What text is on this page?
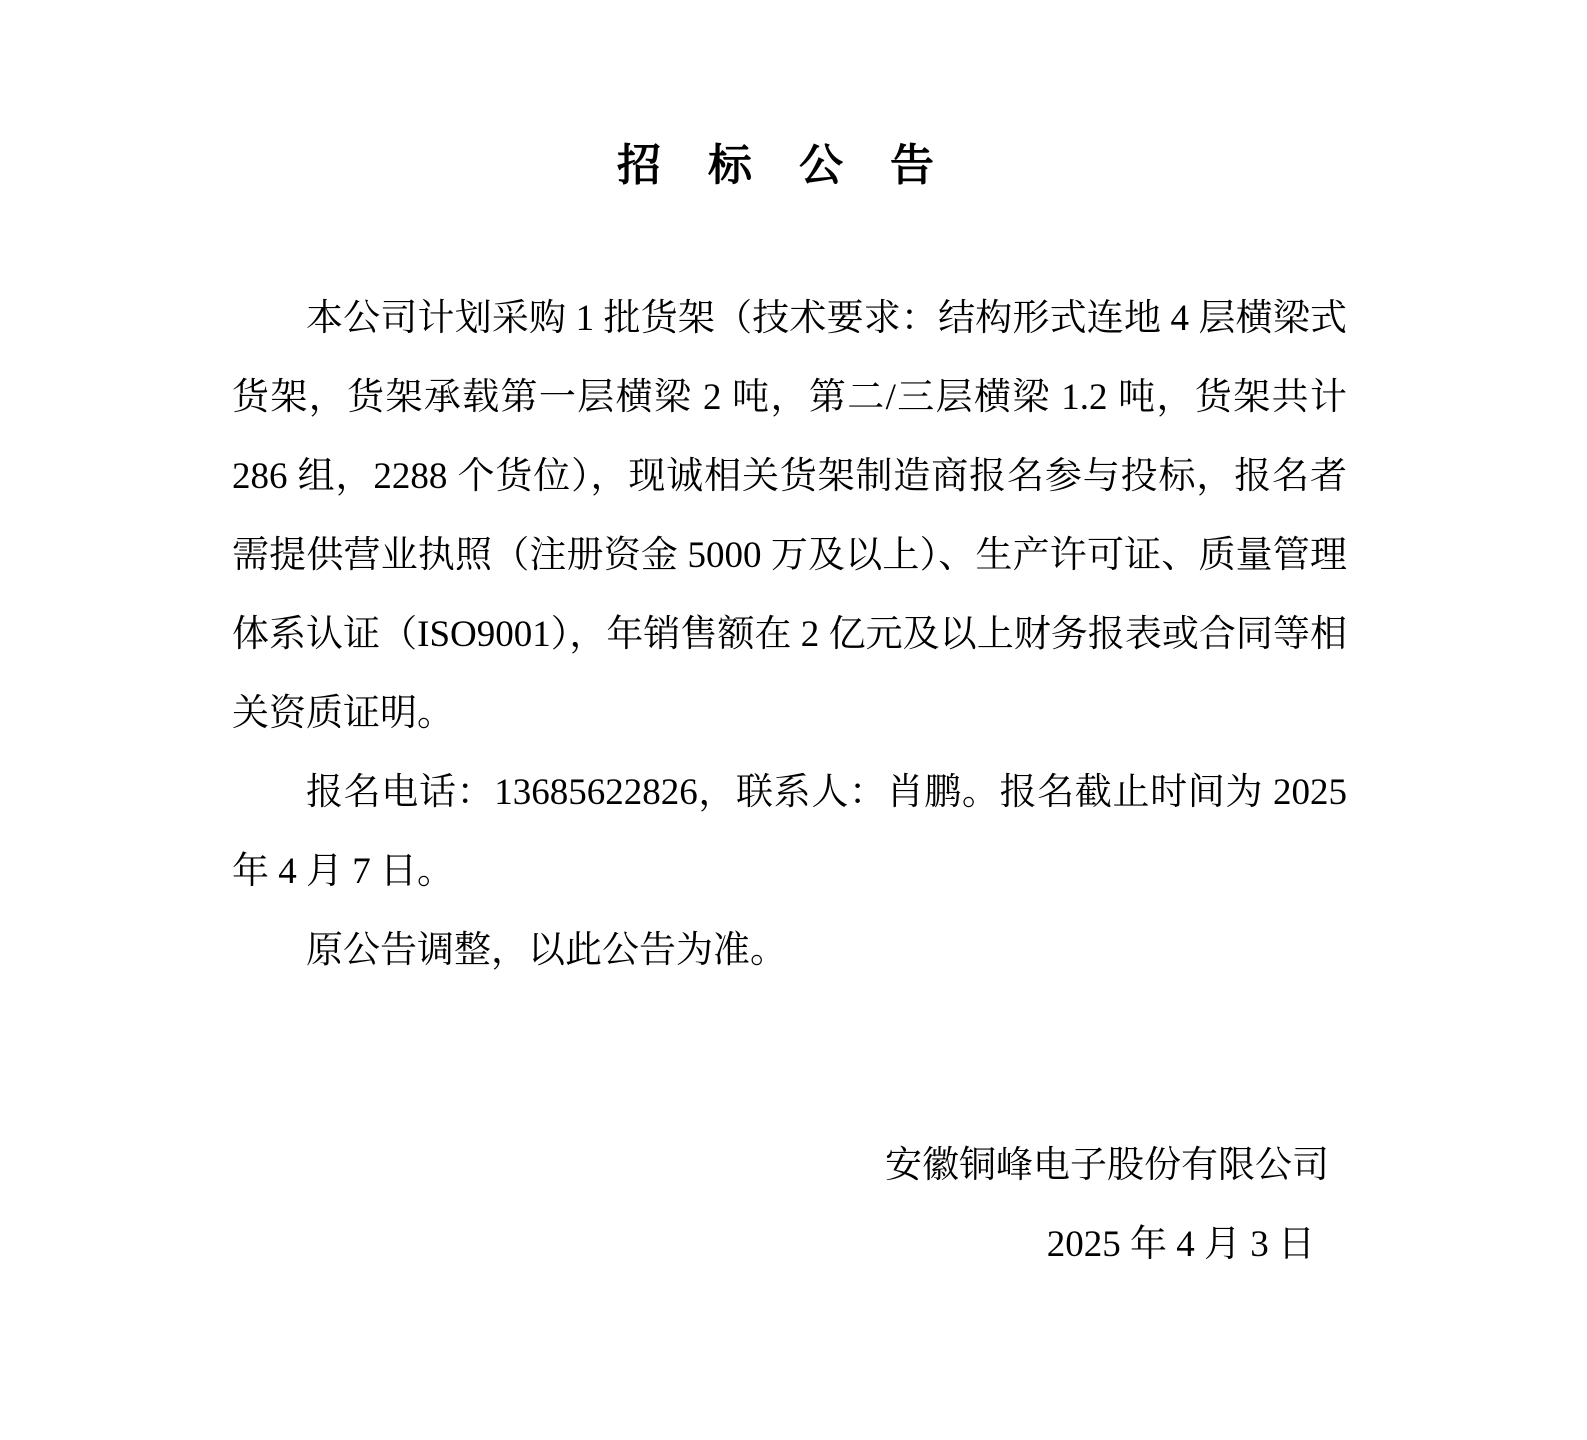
招 标 公 告

本公司计划采购 1 批货架（技术要求：结构形式连地 4 层横梁式货架，货架承载第一层横梁 2 吨，第二/三层横梁 1.2 吨，货架共计 286 组，2288 个货位），现诚相关货架制造商报名参与投标，报名者需提供营业执照（注册资金 5000 万及以上）、生产许可证、质量管理体系认证（ISO9001），年销售额在 2 亿元及以上财务报表或合同等相关资质证明。

报名电话：13685622826，联系人：肖鹏。报名截止时间为 2025 年 4 月 7 日。

原公告调整，以此公告为准。

安徽铜峰电子股份有限公司
2025 年 4 月 3 日
